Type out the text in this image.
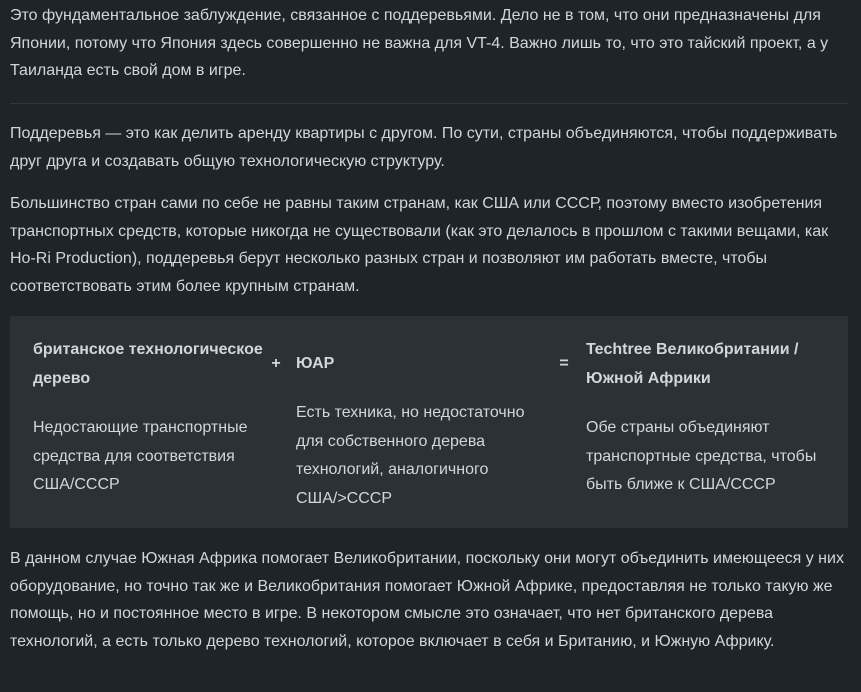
Это фундаментальное заблуждение, связанное с поддеревьями. Дело не в том, что они предназначены для Японии, потому что Япония здесь совершенно не важна для VT-4. Важно лишь то, что это тайский проект, а у Таиланда есть свой дом в игре.

Поддеревья — это как делить аренду квартиры с другом. По сути, страны объединяются, чтобы поддерживать друг друга и создавать общую технологическую структуру.

Большинство стран сами по себе не равны таким странам, как США или СССР, поэтому вместо изобретения транспортных средств, которые никогда не существовали (как это делалось в прошлом с такими вещами, как Ho-Ri Production), поддеревья берут несколько разных стран и позволяют им работать вместе, чтобы соответствовать этим более крупным странам.

британское технологическое дерево
+ ЮАР	=
Techtree Великобритании / Южной Африки
Недостающие транспортные средства для соответствия США/СССР
Есть техника, но недостаточно для собственного дерева технологий, аналогичного США/>СССР
Обе страны объединяют транспортные средства, чтобы быть ближе к США/СССР

В данном случае Южная Африка помогает Великобритании, поскольку они могут объединить имеющееся у них оборудование, но точно так же и Великобритания помогает Южной Африке, предоставляя не только такую же помощь, но и постоянное место в игре. В некотором смысле это означает, что нет британского дерева технологий, а есть только дерево технологий, которое включает в себя и Британию, и Южную Африку.
